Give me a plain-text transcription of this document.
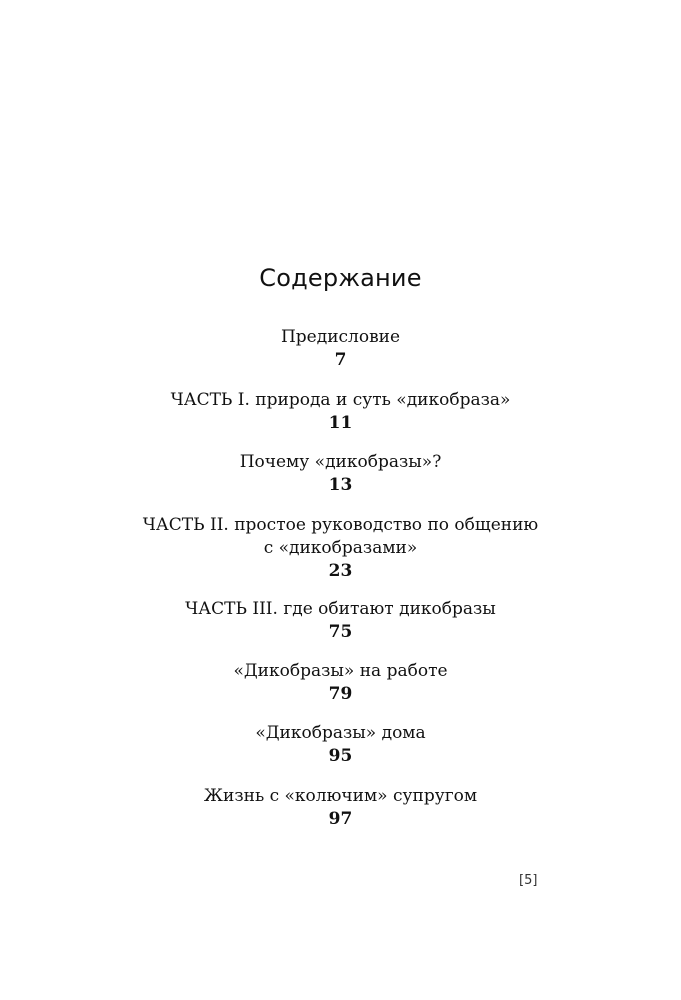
Содержание
Предисловие
7
ЧАСТЬ I. природа и суть «дикобраза»
11
Почему «дикобразы»?
13
ЧАСТЬ II. простое руководство по общению
с «дикобразами»
23
ЧАСТЬ III. где обитают дикобразы
75
«Дикобразы» на работе
79
«Дикобразы» дома
95
Жизнь с «колючим» супругом
97
[5]
